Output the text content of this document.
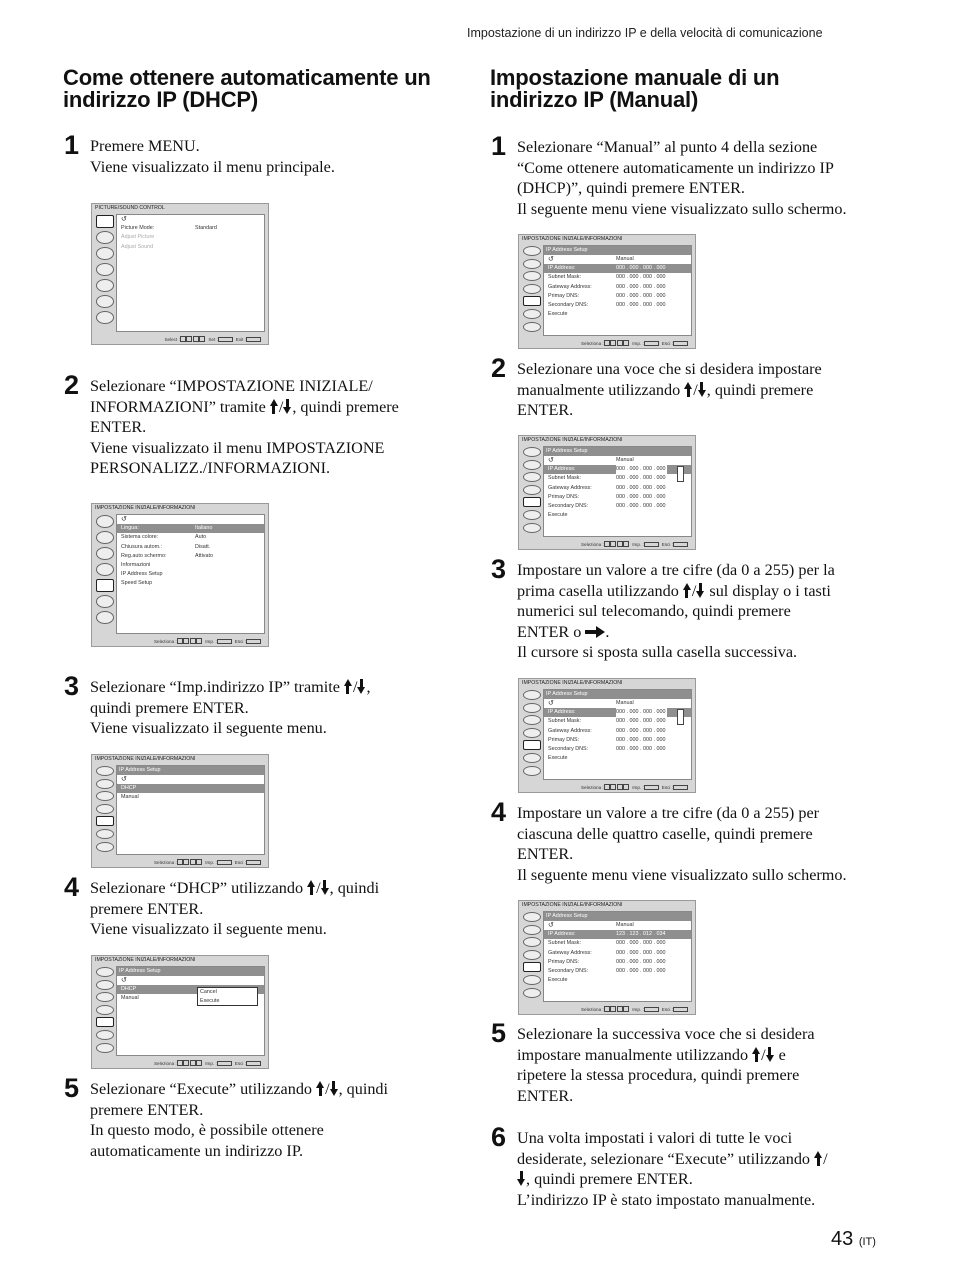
Impostazione di un indirizzo IP e della velocità di comunicazione
Come ottenere automaticamente un
indirizzo IP (DHCP)
Impostazione manuale di un
indirizzo IP (Manual)
1 Premere MENU.

Viene visualizzato il menu principale.

PICTURE/SOUND CONTROL
↺
Picture Mode:	Standard
Adjust Picture
Adjust Sound
Select :	Set :	Exit :
2 Selezionare “IMPOSTAZIONE INIZIALE/

INFORMAZIONI” tramite / , quindi premere

ENTER.

Viene visualizzato il menu IMPOSTAZIONE

PERSONALIZZ./INFORMAZIONI.

IMPOSTAZIONE INIZIALE/INFORMAZIONI
↺
Lingua:	Italiano
Sistema colore:	Auto
Chiusura autom.:	Disatt.
Reg.auto schermo:	Attivato
Informazioni
IP Address Setup
Speed Setup
Seleziona :	Imp. :	Esci :
3 Selezionare “Imp.indirizzo IP” tramite / ,

quindi premere ENTER.

Viene visualizzato il seguente menu.

IMPOSTAZIONE INIZIALE/INFORMAZIONI
IP Address Setup
↺
DHCP
Manual
Seleziona :	Imp. :	Esci :
4 Selezionare “DHCP” utilizzando / , quindi

premere ENTER.

Viene visualizzato il seguente menu.

IMPOSTAZIONE INIZIALE/INFORMAZIONI
IP Address Setup
↺
DHCP
Manual
Cancel
Execute
Seleziona :	Imp. :	Esci :
5 Selezionare “Execute” utilizzando / , quindi

premere ENTER.

In questo modo, è possibile ottenere

automaticamente un indirizzo IP.

1 Selezionare “Manual” al punto 4 della sezione

“Come ottenere automaticamente un indirizzo IP

(DHCP)”, quindi premere ENTER.

Il seguente menu viene visualizzato sullo schermo.

IMPOSTAZIONE INIZIALE/INFORMAZIONI
IP Address Setup
↺	Manual
IP Address:	000 . 000 . 000 . 000
Subnet Mask:	000 . 000 . 000 . 000
Gateway Address:	000 . 000 . 000 . 000
Primay DNS:	000 . 000 . 000 . 000
Secondary DNS:	000 . 000 . 000 . 000
Execute
Seleziona :	Imp. :	Esci :
2 Selezionare una voce che si desidera impostare

manualmente utilizzando / , quindi premere

ENTER.

IMPOSTAZIONE INIZIALE/INFORMAZIONI
IP Address Setup
↺	Manual
IP Address:	000 . 000 . 000 . 000
Subnet Mask:	000 . 000 . 000 . 000
Gateway Address:	000 . 000 . 000 . 000
Primay DNS:	000 . 000 . 000 . 000
Secondary DNS:	000 . 000 . 000 . 000
Execute
Seleziona :	Imp. :	Esci :
3 Impostare un valore a tre cifre (da 0 a 255) per la

prima casella utilizzando / sul display o i tasti

numerici sul telecomando, quindi premere

ENTER o .

Il cursore si sposta sulla casella successiva.

IMPOSTAZIONE INIZIALE/INFORMAZIONI
IP Address Setup
↺	Manual
IP Address:	000 . 000 . 000 . 000
Subnet Mask:	000 . 000 . 000 . 000
Gateway Address:	000 . 000 . 000 . 000
Primay DNS:	000 . 000 . 000 . 000
Secondary DNS:	000 . 000 . 000 . 000
Execute
Seleziona :	Imp. :	Esci :
4 Impostare un valore a tre cifre (da 0 a 255) per

ciascuna delle quattro caselle, quindi premere

ENTER.

Il seguente menu viene visualizzato sullo schermo.

IMPOSTAZIONE INIZIALE/INFORMAZIONI
IP Address Setup
↺	Manual
IP Address:	123 . 123 . 012 . 034
Subnet Mask:	000 . 000 . 000 . 000
Gateway Address:	000 . 000 . 000 . 000
Primay DNS:	000 . 000 . 000 . 000
Secondary DNS:	000 . 000 . 000 . 000
Execute
Seleziona :	Imp. :	Esci :
5 Selezionare la successiva voce che si desidera

impostare manualmente utilizzando / e

ripetere la stessa procedura, quindi premere

ENTER.

6 Una volta impostati i valori di tutte le voci

desiderate, selezionare “Execute” utilizzando /

, quindi premere ENTER.

L’indirizzo IP è stato impostato manualmente.

43 (IT)
